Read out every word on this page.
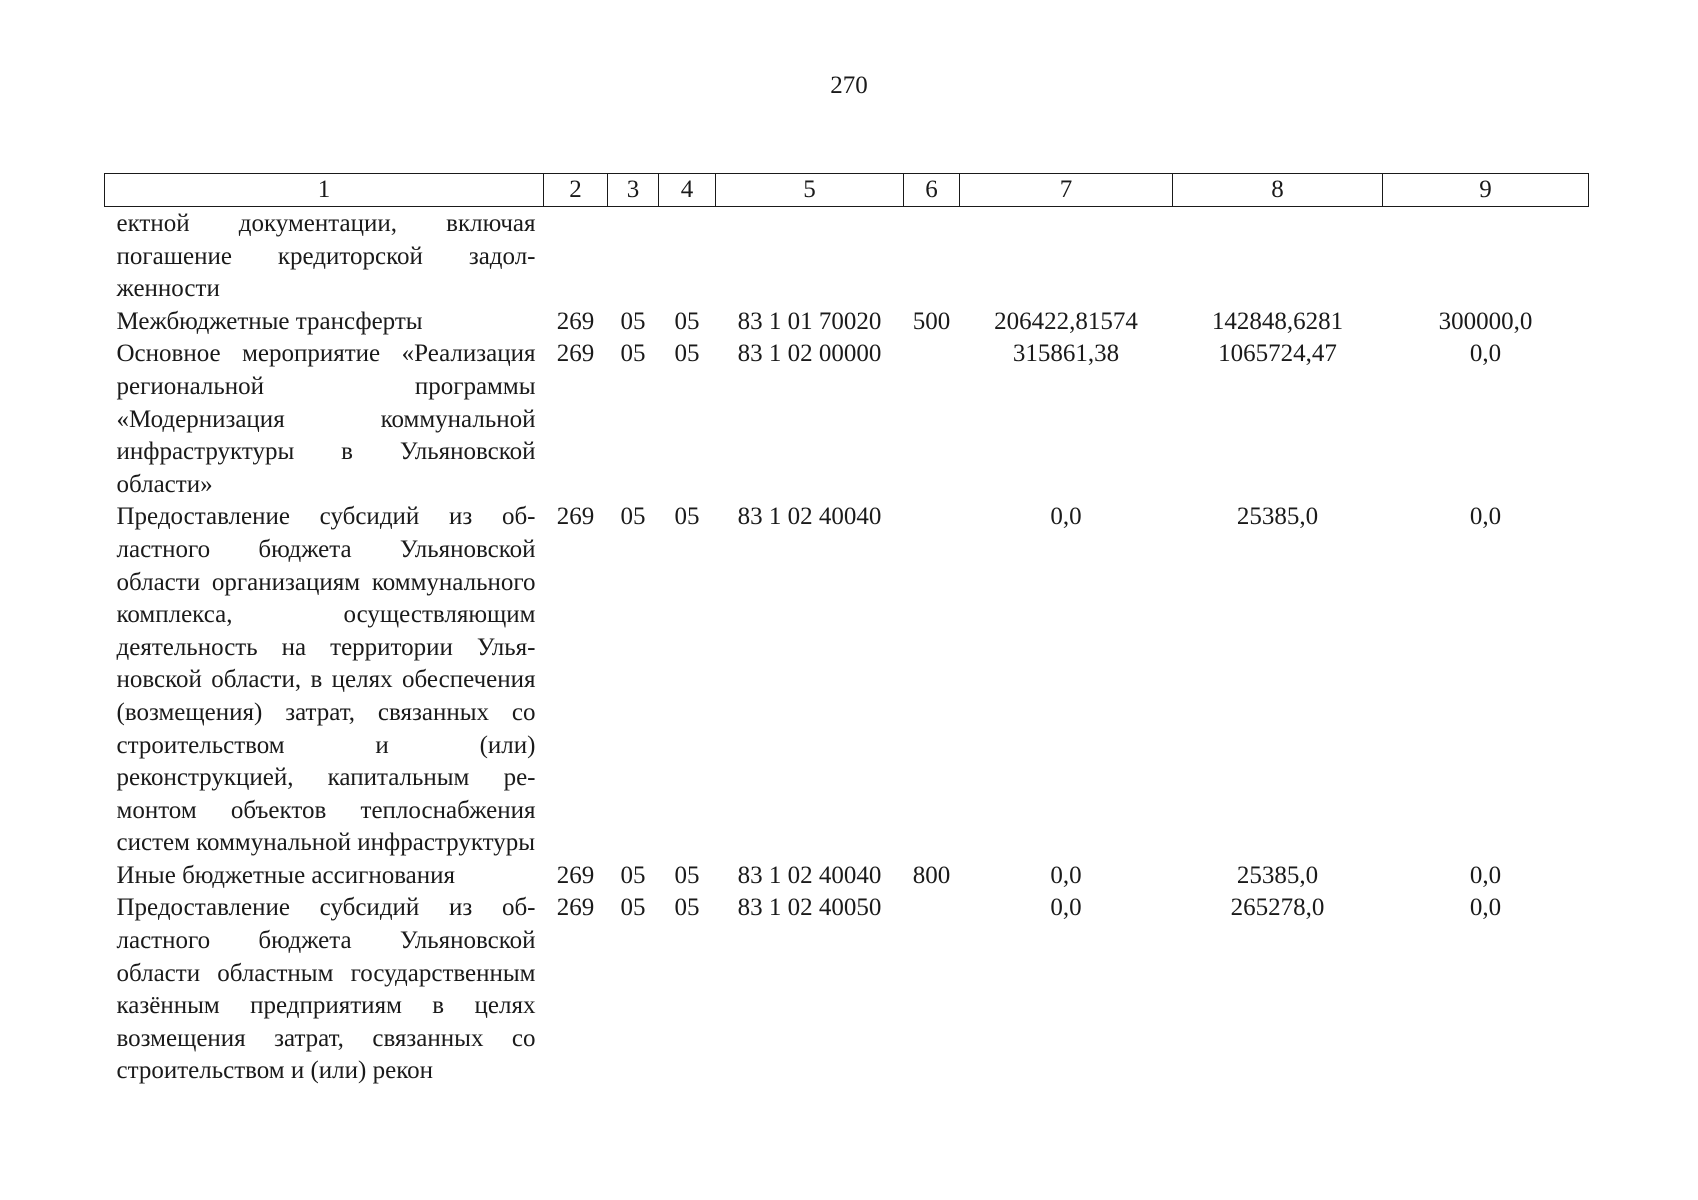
270
1	2	3	4	5	6	7	8	9
ектной документации, включая погашение кредиторской задолженности								
Межбюджетные трансферты	269	05	05	83 1 01 70020	500	206422,81574	142848,6281	300000,0
Основное мероприятие «Реализация региональной программы «Модернизация коммунальной инфраструктуры в Ульяновской области»	269	05	05	83 1 02 00000		315861,38	1065724,47	0,0
Предоставление субсидий из областного бюджета Ульяновской области организациям коммунального комплекса, осуществляющим деятельность на территории Ульяновской области, в целях обеспечения (возмещения) затрат, связанных со строительством и (или) реконструкцией, капитальным ремонтом объектов теплоснабжения систем коммунальной инфраструктуры	269	05	05	83 1 02 40040		0,0	25385,0	0,0
Иные бюджетные ассигнования	269	05	05	83 1 02 40040	800	0,0	25385,0	0,0
Предоставление субсидий из областного бюджета Ульяновской области областным государственным казённым предприятиям в целях возмещения затрат, связанных со строительством и (или) рекон	269	05	05	83 1 02 40050		0,0	265278,0	0,0
